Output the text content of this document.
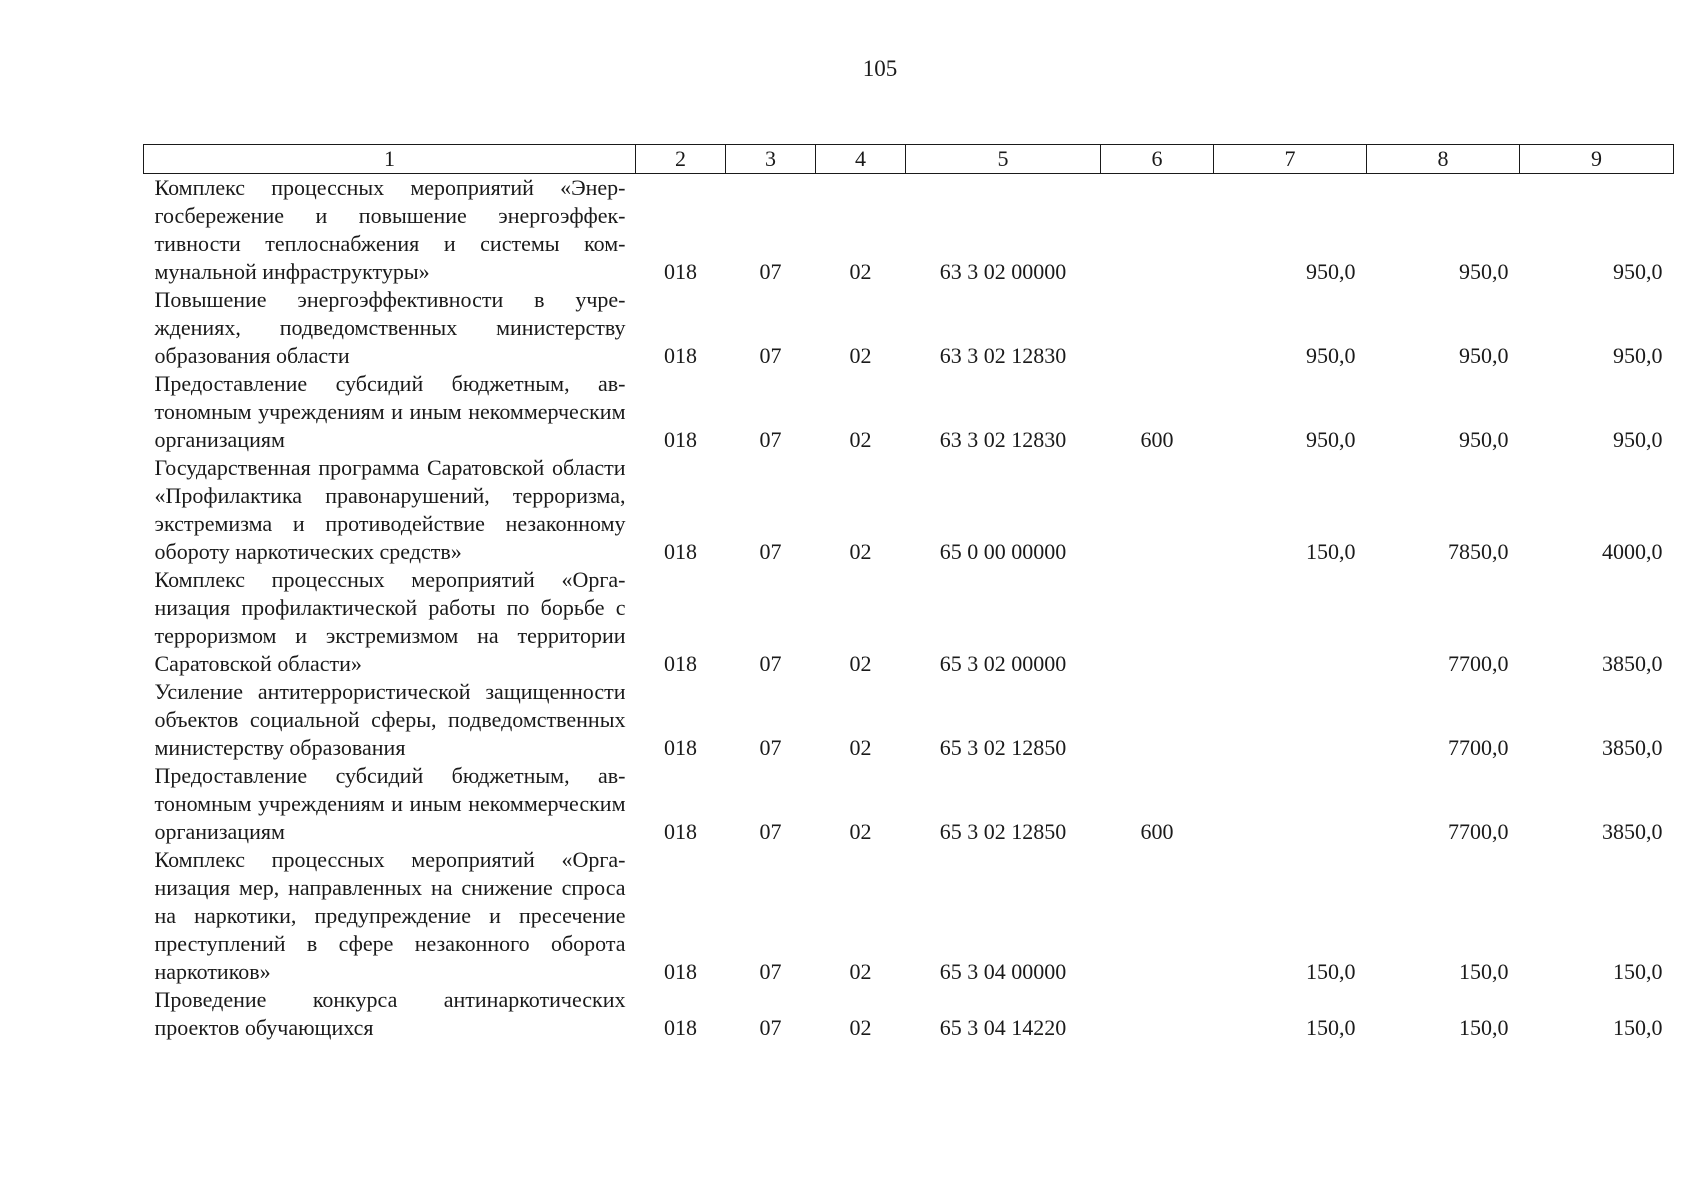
105
1	2	3	4	5	6	7	8	9
Комплекс процессных мероприятий «Энергосбережение и повышение энергоэффективности теплоснабжения и системы коммунальной инфраструктуры»	018	07	02	63 3 02 00000		950,0	950,0	950,0
Повышение энергоэффективности в учреждениях, подведомственных министерству образования области	018	07	02	63 3 02 12830		950,0	950,0	950,0
Предоставление субсидий бюджетным, автономным учреждениям и иным некоммерческим организациям	018	07	02	63 3 02 12830	600	950,0	950,0	950,0
Государственная программа Саратовской области «Профилактика правонарушений, терроризма, экстремизма и противодействие незаконному обороту наркотических средств»	018	07	02	65 0 00 00000		150,0	7850,0	4000,0
Комплекс процессных мероприятий «Организация профилактической работы по борьбе с терроризмом и экстремизмом на территории Саратовской области»	018	07	02	65 3 02 00000			7700,0	3850,0
Усиление антитеррористической защищенности объектов социальной сферы, подведомственных министерству образования	018	07	02	65 3 02 12850			7700,0	3850,0
Предоставление субсидий бюджетным, автономным учреждениям и иным некоммерческим организациям	018	07	02	65 3 02 12850	600		7700,0	3850,0
Комплекс процессных мероприятий «Организация мер, направленных на снижение спроса на наркотики, предупреждение и пресечение преступлений в сфере незаконного оборота наркотиков»	018	07	02	65 3 04 00000		150,0	150,0	150,0
Проведение конкурса антинаркотических проектов обучающихся	018	07	02	65 3 04 14220		150,0	150,0	150,0
